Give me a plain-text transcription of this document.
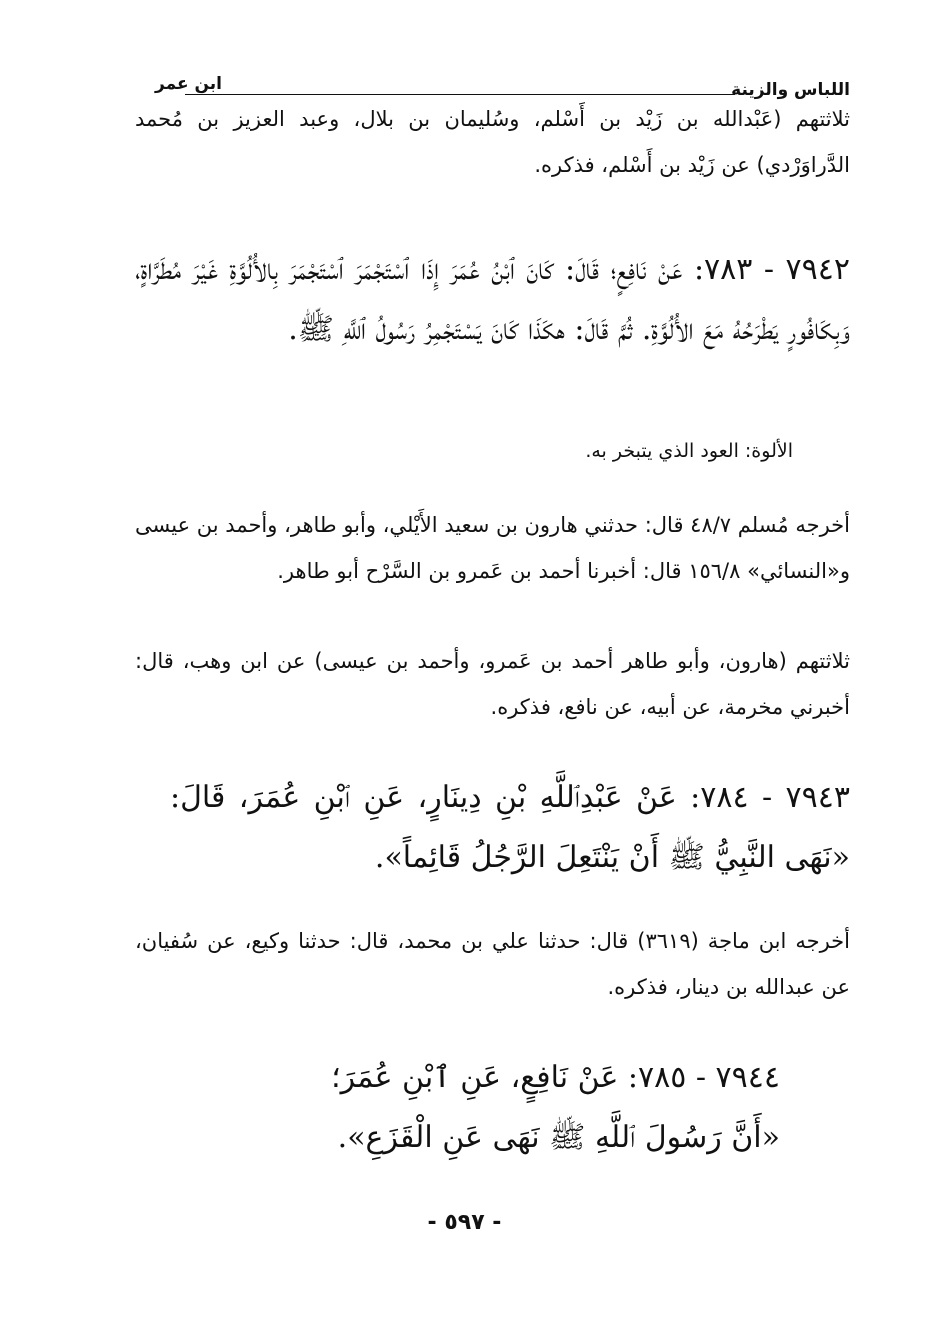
اللباس والزينة
ابن عمر

ثلاثتهم (عَبْدالله بن زَيْد بن أَسْلم، وسُليمان بن بلال، وعبد العزيز بن مُحمد الدَّراوَرْدي) عن زَيْد بن أَسْلم، فذكره.

٧٩٤٢ - ٧٨٣: عَنْ نَافِعٍ؛ قَالَ: كَانَ ٱبْنُ عُمَرَ إِذَا ٱسْتَجْمَرَ ٱسْتَجْمَرَ بِالأُلُوَّةِ غَيْرَ مُطَرَّاةٍ، وَبِكَافُورٍ يَطْرَحُهُ مَعَ الأُلُوَّةِ. ثُمَّ قَالَ: هكَذَا كَانَ يَسْتَجْمِرُ رَسُولُ ٱللَّهِ ﷺ.

الألوة: العود الذي يتبخر به.

أخرجه مُسلم ٤٨/٧ قال: حدثني هارون بن سعيد الأَيْلي، وأبو طاهر، وأحمد بن عيسى و«النسائي» ١٥٦/٨ قال: أخبرنا أحمد بن عَمرو بن السَّرْح أبو طاهر.

ثلاثتهم (هارون، وأبو طاهر أحمد بن عَمرو، وأحمد بن عيسى) عن ابن وهب، قال: أخبرني مخرمة، عن أبيه، عن نافع، فذكره.

٧٩٤٣ - ٧٨٤: عَنْ عَبْدِٱللَّهِ بْنِ دِينَارٍ، عَنِ ٱبْنِ عُمَرَ، قَالَ: «نَهَى النَّبِيُّ ﷺ أَنْ يَنْتَعِلَ الرَّجُلُ قَائِماً».

أخرجه ابن ماجة (٣٦١٩) قال: حدثنا علي بن محمد، قال: حدثنا وكيع، عن سُفيان، عن عبدالله بن دينار، فذكره.

٧٩٤٤ - ٧٨٥: عَنْ نَافِعٍ، عَنِ ٱبْنِ عُمَرَ؛

«أَنَّ رَسُولَ ٱللَّهِ ﷺ نَهَى عَنِ الْقَزَعِ».

- ٥٩٧ -
